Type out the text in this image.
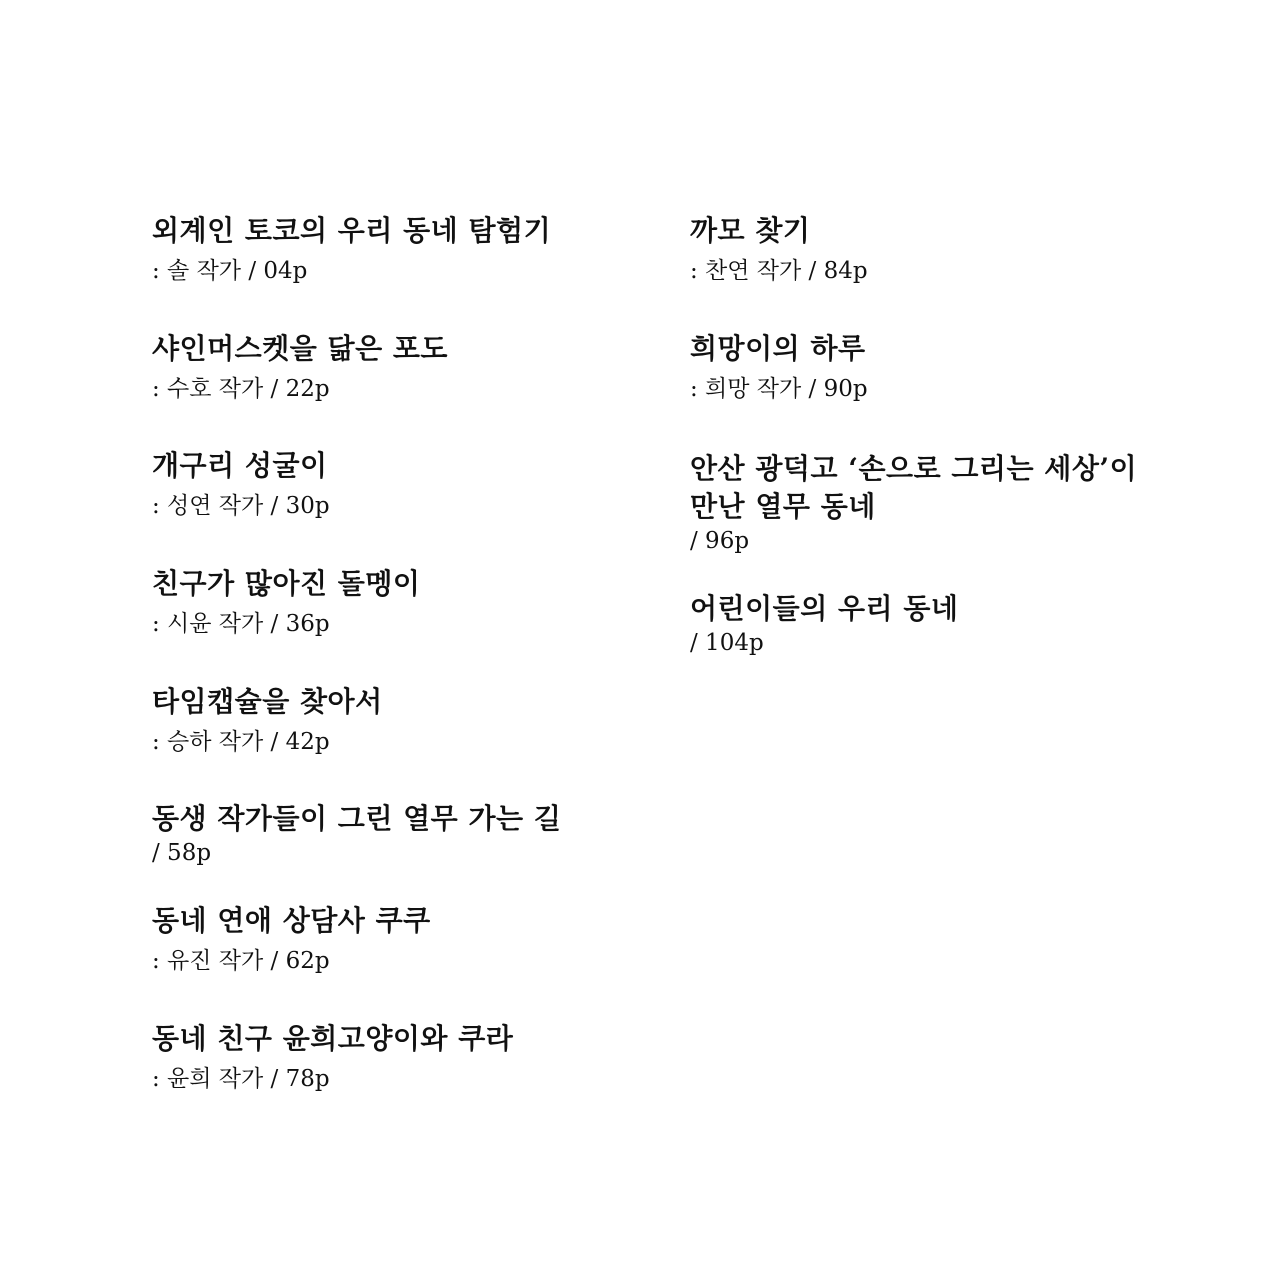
외계인 토코의 우리 동네 탐험기
: 솔 작가 / 04p
샤인머스켓을 닮은 포도
: 수호 작가 / 22p
개구리 성굴이
: 성연 작가 / 30p
친구가 많아진 돌멩이
: 시윤 작가 / 36p
타임캡슐을 찾아서
: 승하 작가 / 42p
동생 작가들이 그린 열무 가는 길
/ 58p
동네 연애 상담사 쿠쿠
: 유진 작가 / 62p
동네 친구 윤희고양이와 쿠라
: 윤희 작가 / 78p
까모 찾기
: 찬연 작가 / 84p
희망이의 하루
: 희망 작가 / 90p
안산 광덕고 ‘손으로 그리는 세상’이
만난 열무 동네
/ 96p
어린이들의 우리 동네
/ 104p
